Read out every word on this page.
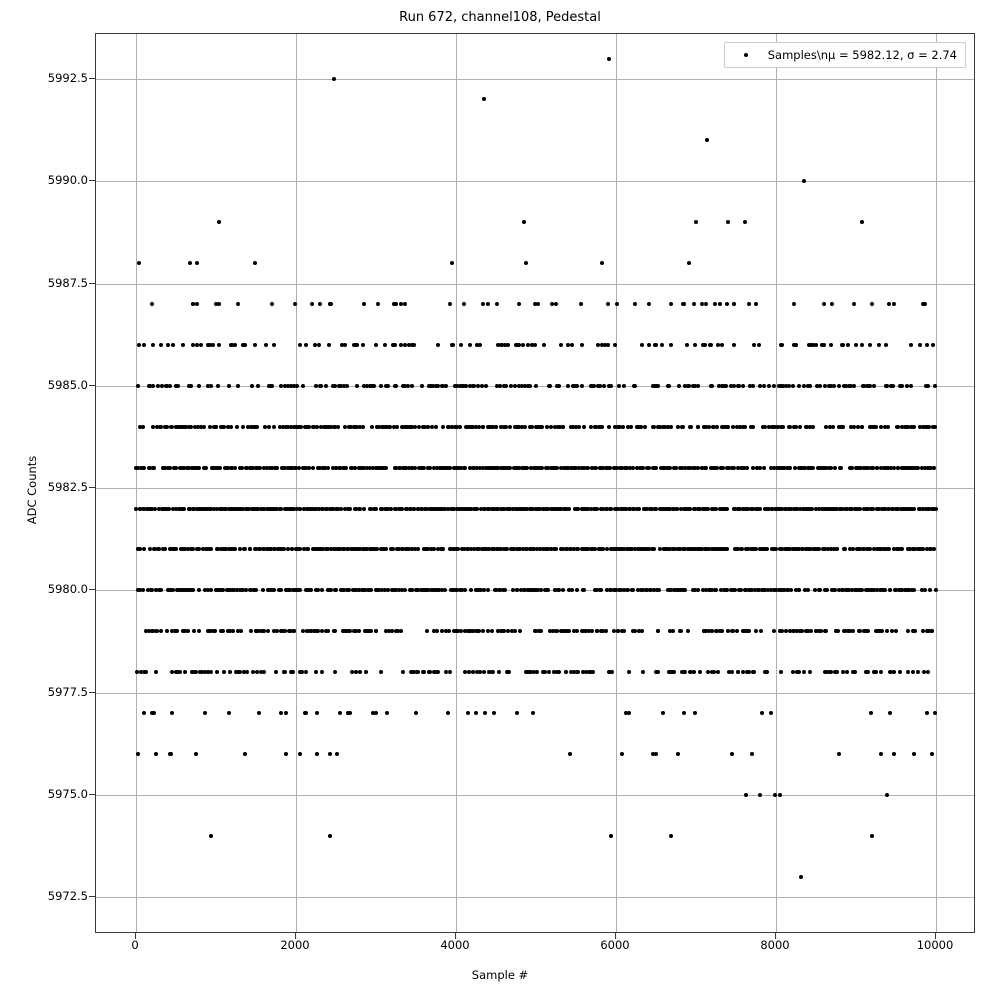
Run 672, channel108, Pedestal
Samples\nμ = 5982.12, σ = 2.74
0	2000	4000	6000	8000	10000
5972.5
5975.0
5977.5
5980.0
5982.5
5985.0
5987.5
5990.0
5992.5
Sample #
ADC Counts
